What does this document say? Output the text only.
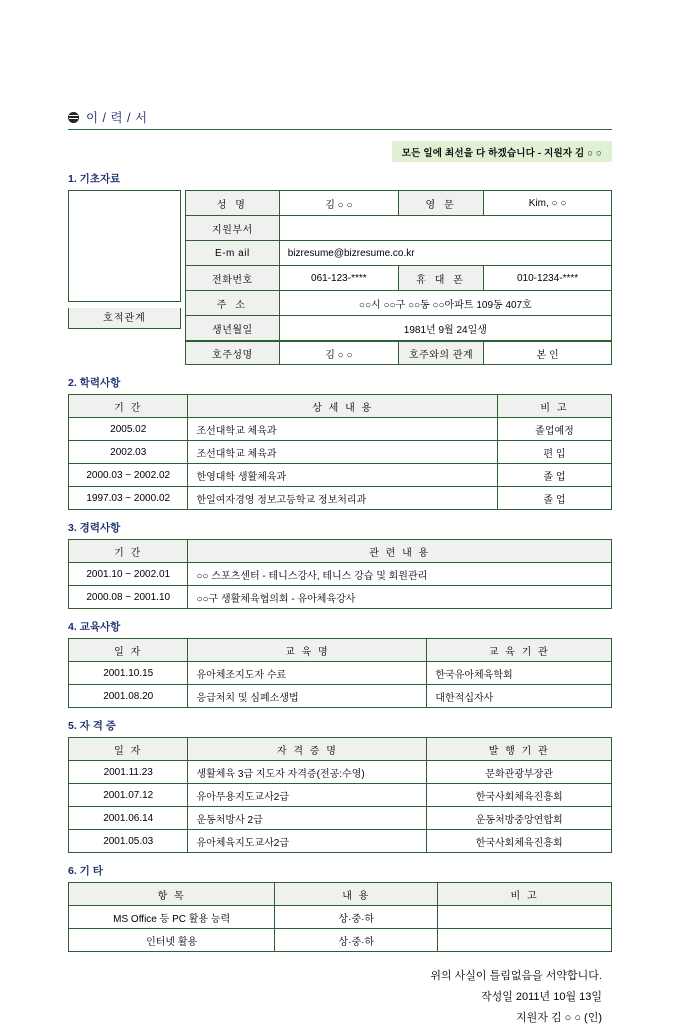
이 / 력 / 서
모든 일에 최선을 다 하겠습니다 - 지원자 김 ○ ○
1. 기초자료
호적관계
성 명	김 ○ ○	영 문	Kim, ○ ○
지원부서			
E-m ail	bizresume@bizresume.co.kr		
전화번호	061-123-****	휴 대 폰	010-1234-****
주 소	○○시 ○○구 ○○동 ○○아파트 109동 407호		
생년월일	1981년 9월 24일생		
호주성명	김 ○ ○	호주와의 관계	본 인
2. 학력사항
기 간	상 세 내 용	비 고
2005.02	조선대학교 체육과	졸업예정
2002.03	조선대학교 체육과	편 입
2000.03 ~ 2002.02	한영대학 생활체육과	졸 업
1997.03 ~ 2000.02	한일여자경영 정보고등학교 정보처리과	졸 업
3. 경력사항
기 간	관 련 내 용
2001.10 ~ 2002.01	○○ 스포츠센터 - 테니스강사, 테니스 강습 및 회원관리
2000.08 ~ 2001.10	○○구 생활체육협의회 - 유아체육강사
4. 교육사항
일 자	교 육 명	교 육 기 관
2001.10.15	유아체조지도자 수료	한국유아체육학회
2001.08.20	응급처치 및 심폐소생법	대한적십자사
5. 자 격 증
일 자	자 격 증 명	발 행 기 관
2001.11.23	생활체육 3급 지도자 자격증(전공:수영)	문화관광부장관
2001.07.12	유아무용지도교사2급	한국사회체육진흥회
2001.06.14	운동처방사 2급	운동처방중앙연합회
2001.05.03	유아체육지도교사2급	한국사회체육진흥회
6. 기 타
항 목	내 용	비 고
MS Office 등 PC 활용 능력	상·중·하	
인터넷 활용	상·중·하	
위의 사실이 틀림없음을 서약합니다.
작성일 2011년 10월 13일
지원자 김 ○ ○ (인)
